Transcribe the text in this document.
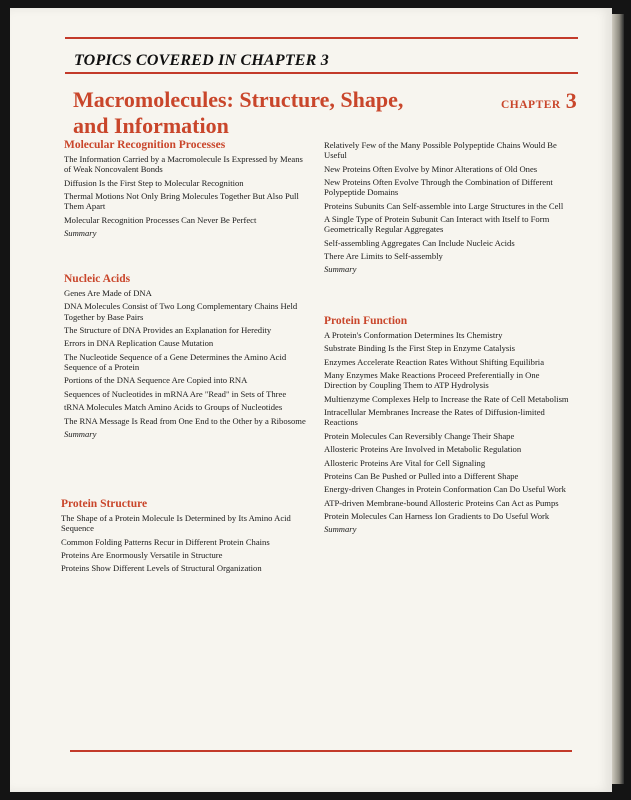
TOPICS COVERED IN CHAPTER 3
Macromolecules: Structure, Shape, and Information
CHAPTER 3
Molecular Recognition Processes
The Information Carried by a Macromolecule Is Expressed by Means of Weak Noncovalent Bonds
Diffusion Is the First Step to Molecular Recognition
Thermal Motions Not Only Bring Molecules Together But Also Pull Them Apart
Molecular Recognition Processes Can Never Be Perfect
Summary
Nucleic Acids
Genes Are Made of DNA
DNA Molecules Consist of Two Long Complementary Chains Held Together by Base Pairs
The Structure of DNA Provides an Explanation for Heredity
Errors in DNA Replication Cause Mutation
The Nucleotide Sequence of a Gene Determines the Amino Acid Sequence of a Protein
Portions of the DNA Sequence Are Copied into RNA
Sequences of Nucleotides in mRNA Are "Read" in Sets of Three
tRNA Molecules Match Amino Acids to Groups of Nucleotides
The RNA Message Is Read from One End to the Other by a Ribosome
Summary
Protein Structure
The Shape of a Protein Molecule Is Determined by Its Amino Acid Sequence
Common Folding Patterns Recur in Different Protein Chains
Proteins Are Enormously Versatile in Structure
Proteins Show Different Levels of Structural Organization
Relatively Few of the Many Possible Polypeptide Chains Would Be Useful
New Proteins Often Evolve by Minor Alterations of Old Ones
New Proteins Often Evolve Through the Combination of Different Polypeptide Domains
Proteins Subunits Can Self-assemble into Large Structures in the Cell
A Single Type of Protein Subunit Can Interact with Itself to Form Geometrically Regular Aggregates
Self-assembling Aggregates Can Include Nucleic Acids
There Are Limits to Self-assembly
Summary
Protein Function
A Protein's Conformation Determines Its Chemistry
Substrate Binding Is the First Step in Enzyme Catalysis
Enzymes Accelerate Reaction Rates Without Shifting Equilibria
Many Enzymes Make Reactions Proceed Preferentially in One Direction by Coupling Them to ATP Hydrolysis
Multienzyme Complexes Help to Increase the Rate of Cell Metabolism
Intracellular Membranes Increase the Rates of Diffusion-limited Reactions
Protein Molecules Can Reversibly Change Their Shape
Allosteric Proteins Are Involved in Metabolic Regulation
Allosteric Proteins Are Vital for Cell Signaling
Proteins Can Be Pushed or Pulled into a Different Shape
Energy-driven Changes in Protein Conformation Can Do Useful Work
ATP-driven Membrane-bound Allosteric Proteins Can Act as Pumps
Protein Molecules Can Harness Ion Gradients to Do Useful Work
Summary
